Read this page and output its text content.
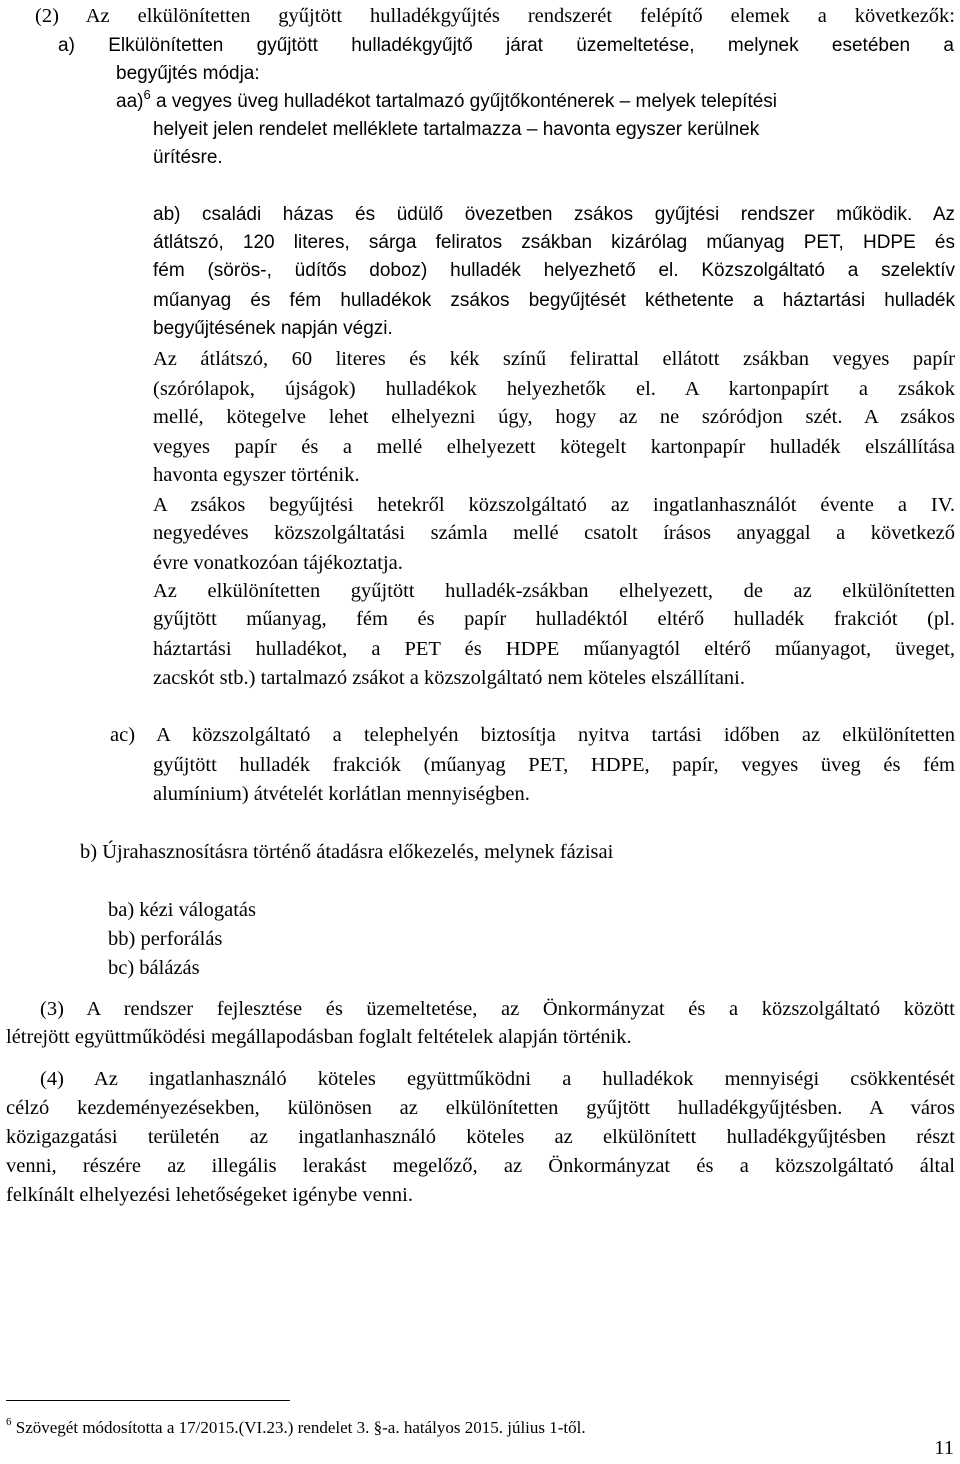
(2) Az elkülönítetten gyűjtött hulladékgyűjtés rendszerét felépítő elemek a következők:
a) Elkülönítetten gyűjtött hulladékgyűjtő járat üzemeltetése, melynek esetében a
begyűjtés módja:
aa)$^6$ a vegyes üveg hulladékot tartalmazó gyűjtőkonténerek – melyek telepítési
helyeit jelen rendelet melléklete tartalmazza – havonta egyszer kerülnek
ürítésre.
ab) családi házas és üdülő övezetben zsákos gyűjtési rendszer működik. Az
átlátszó, 120 literes, sárga feliratos zsákban kizárólag műanyag PET, HDPE és
fém (sörös-, üdítős doboz) hulladék helyezhető el. Közszolgáltató a szelektív
műanyag és fém hulladékok zsákos begyűjtését kéthetente a háztartási hulladék
begyűjtésének napján végzi.
Az átlátszó, 60 literes és kék színű felirattal ellátott zsákban vegyes papír
(szórólapok, újságok) hulladékok helyezhetők el. A kartonpapírt a zsákok
mellé, kötegelve lehet elhelyezni úgy, hogy az ne szóródjon szét. A zsákos
vegyes papír és a mellé elhelyezett kötegelt kartonpapír hulladék elszállítása
havonta egyszer történik.
A zsákos begyűjtési hetekről közszolgáltató az ingatlanhasználót évente a IV.
negyedéves közszolgáltatási számla mellé csatolt írásos anyaggal a következő
évre vonatkozóan tájékoztatja.
Az elkülönítetten gyűjtött hulladék-zsákban elhelyezett, de az elkülönítetten
gyűjtött műanyag, fém és papír hulladéktól eltérő hulladék frakciót (pl.
háztartási hulladékot, a PET és HDPE műanyagtól eltérő műanyagot, üveget,
zacskót stb.) tartalmazó zsákot a közszolgáltató nem köteles elszállítani.
ac) A közszolgáltató a telephelyén biztosítja nyitva tartási időben az elkülönítetten
gyűjtött hulladék frakciók (műanyag PET, HDPE, papír, vegyes üveg és fém
alumínium) átvételét korlátlan mennyiségben.
b) Újrahasznosításra történő átadásra előkezelés, melynek fázisai
ba) kézi válogatás
bb) perforálás
bc) bálázás
(3) A rendszer fejlesztése és üzemeltetése, az Önkormányzat és a közszolgáltató között
létrejött együttműködési megállapodásban foglalt feltételek alapján történik.
(4) Az ingatlanhasználó köteles együttműködni a hulladékok mennyiségi csökkentését
célzó kezdeményezésekben, különösen az elkülönítetten gyűjtött hulladékgyűjtésben. A város
közigazgatási területén az ingatlanhasználó köteles az elkülönített hulladékgyűjtésben részt
venni, részére az illegális lerakást megelőző, az Önkormányzat és a közszolgáltató által
felkínált elhelyezési lehetőségeket igénybe venni.
$^6$ Szövegét módosította a 17/2015.(VI.23.) rendelet 3. §-a. hatályos 2015. július 1-től.
11
